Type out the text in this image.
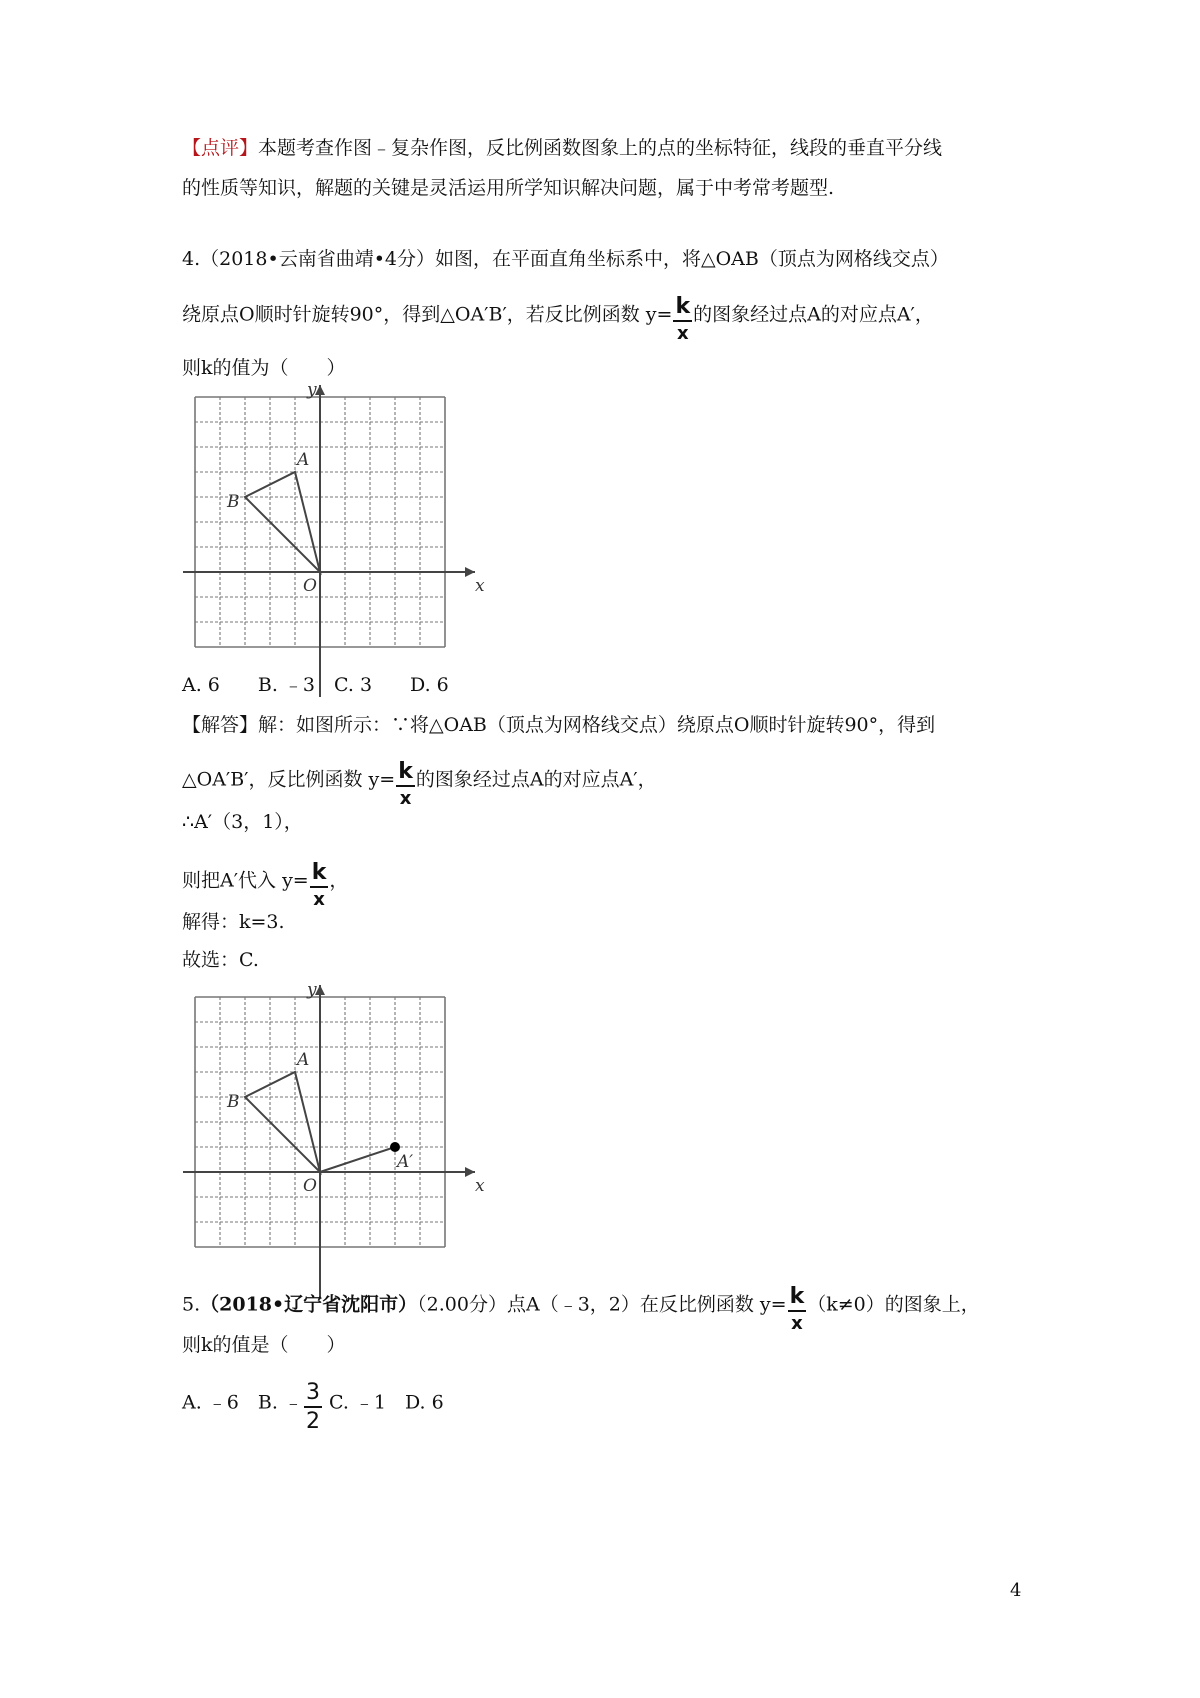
【点评】本题考查作图﹣复杂作图，反比例函数图象上的点的坐标特征，线段的垂直平分线
的性质等知识，解题的关键是灵活运用所学知识解决问题，属于中考常考题型.
4.（2018•云南省曲靖•4分）如图，在平面直角坐标系中，将△OAB（顶点为网格线交点）
绕原点O顺时针旋转90°，得到△OA′B′，若反比例函数 $y= \frac{k}{x}$ 的图象经过点A的对应点A′，
则k的值为（　　）
x
y
O
A
B
A. 6　　B. ﹣3　C. 3　　D. 6
【解答】解：如图所示：∵将△OAB（顶点为网格线交点）绕原点O顺时针旋转90°，得到
△OA′B′，反比例函数 $y= \frac{k}{x}$ 的图象经过点A的对应点A′，
∴A′（3，1），
则把A′代入 $y= \frac{k}{x}$ ，
解得：k=3.
故选：C.
x
y
O
A
B
A′
5.（2018•辽宁省沈阳市）（2.00分）点A（﹣3，2）在反比例函数 $y= \frac{k}{x} (k\ne 0)$的图象上，
则k的值是（　　）
A. ﹣6　B. ﹣ $\frac{3}{2} C$. ﹣1　D. 6
4
